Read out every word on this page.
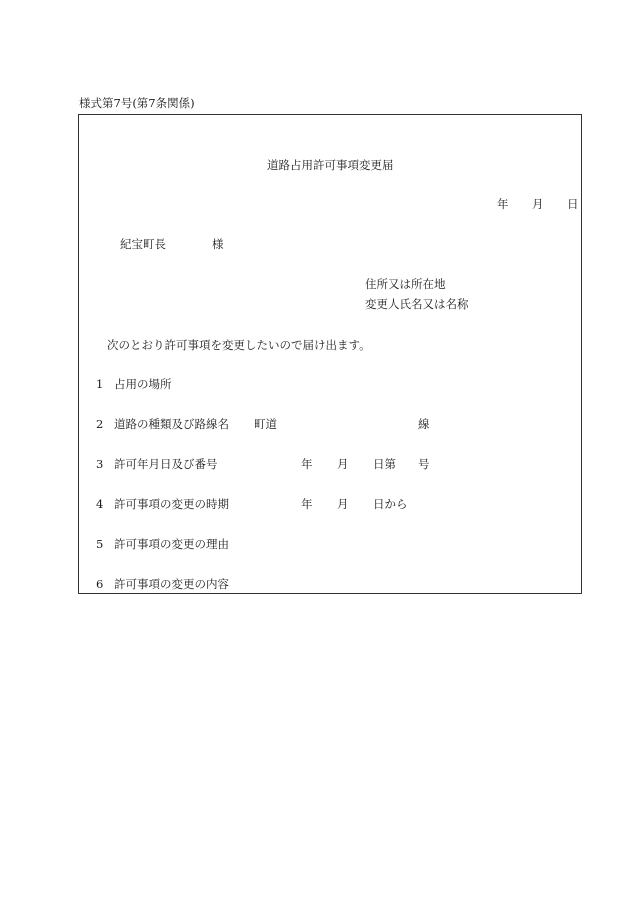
様式第7号(第7条関係)
道路占用許可事項変更届
年 月 日
紀宝町長	様
住所又は所在地
変更人氏名又は名称
次のとおり許可事項を変更したいので届け出ます。
1 占用の場所
2 道路の種類及び路線名 町道	線
3 許可年月日及び番号	年 月 日第 号
4 許可事項の変更の時期	年 月 日から
5 許可事項の変更の理由
6 許可事項の変更の内容
